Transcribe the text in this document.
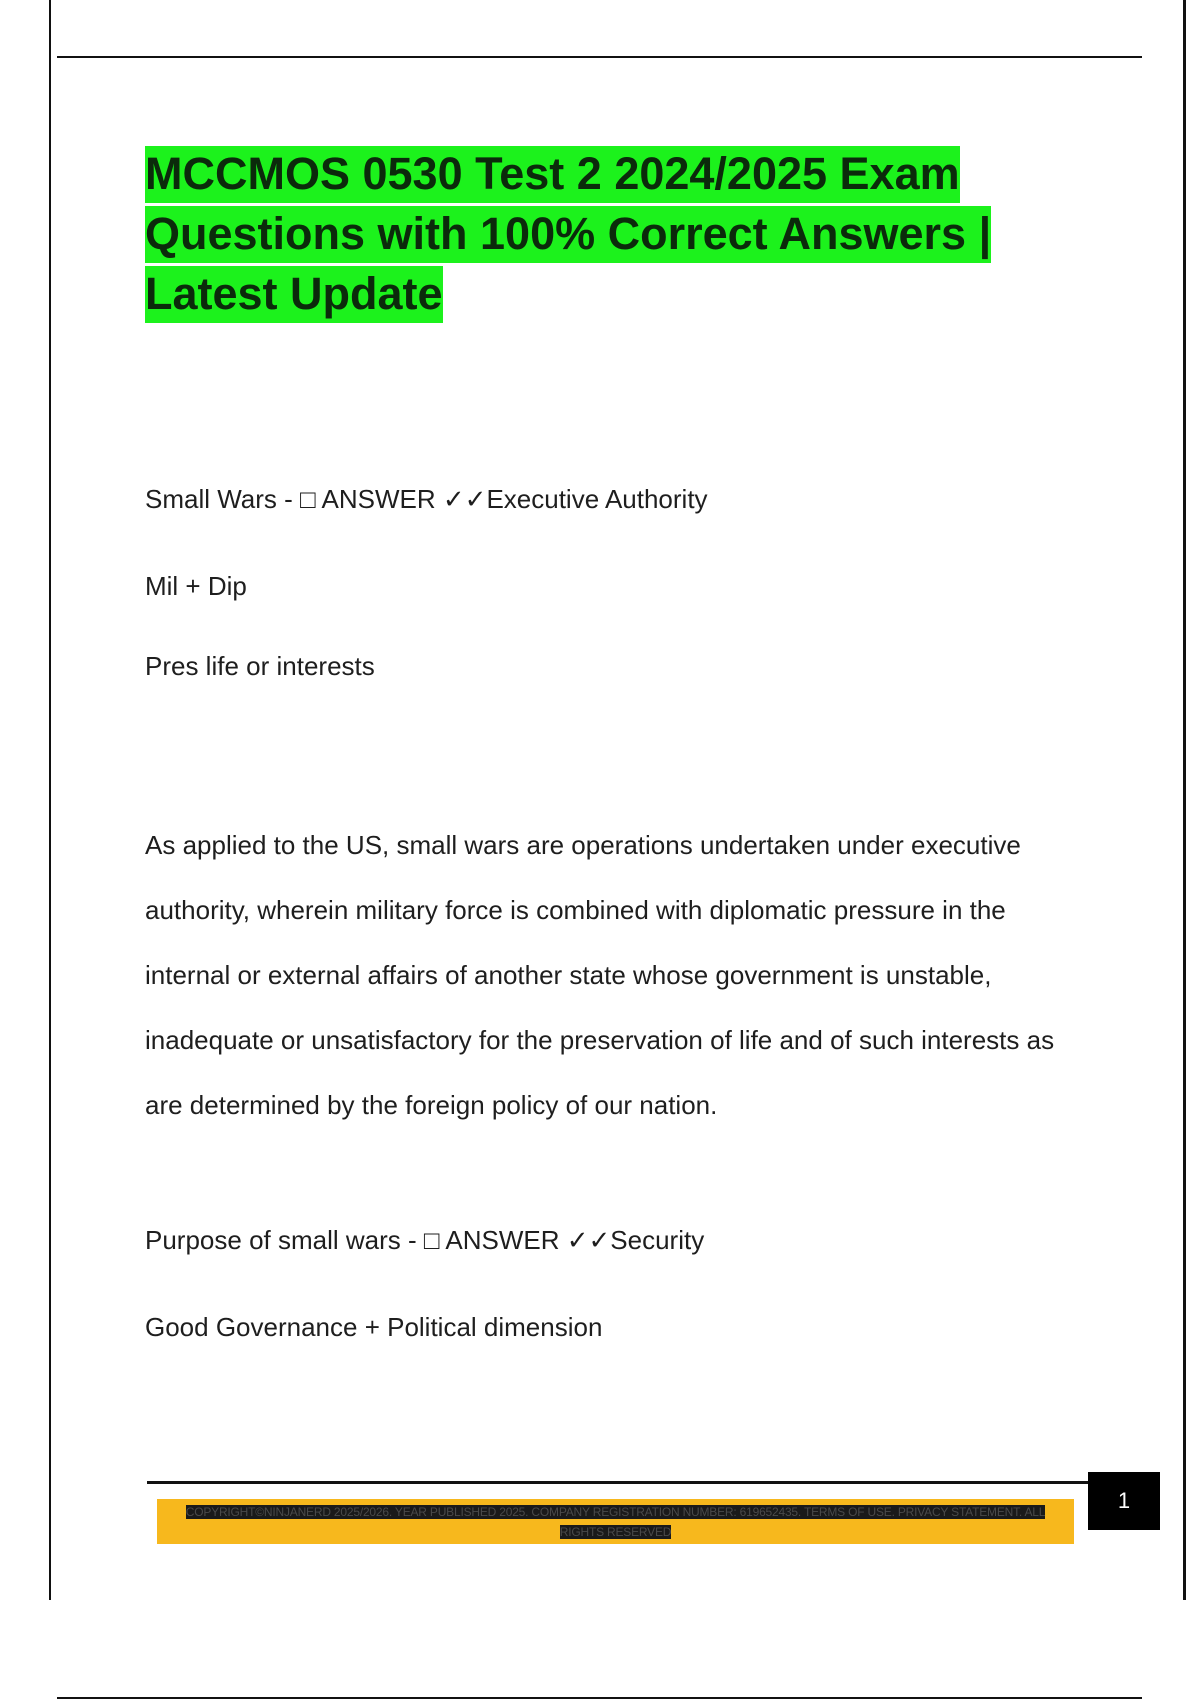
MCCMOS 0530 Test 2 2024/2025 Exam Questions with 100% Correct Answers | Latest Update

Small Wars - □ ANSWER ✓✓Executive Authority

Mil + Dip

Pres life or interests

As applied to the US, small wars are operations undertaken under executive authority, wherein military force is combined with diplomatic pressure in the internal or external affairs of another state whose government is unstable, inadequate or unsatisfactory for the preservation of life and of such interests as are determined by the foreign policy of our nation.

Purpose of small wars - □ ANSWER ✓✓Security

Good Governance + Political dimension

1
COPYRIGHT©NINJANERD 2025/2026. YEAR PUBLISHED 2025. COMPANY REGISTRATION NUMBER: 619652435. TERMS OF USE. PRIVACY STATEMENT. ALL RIGHTS RESERVED
